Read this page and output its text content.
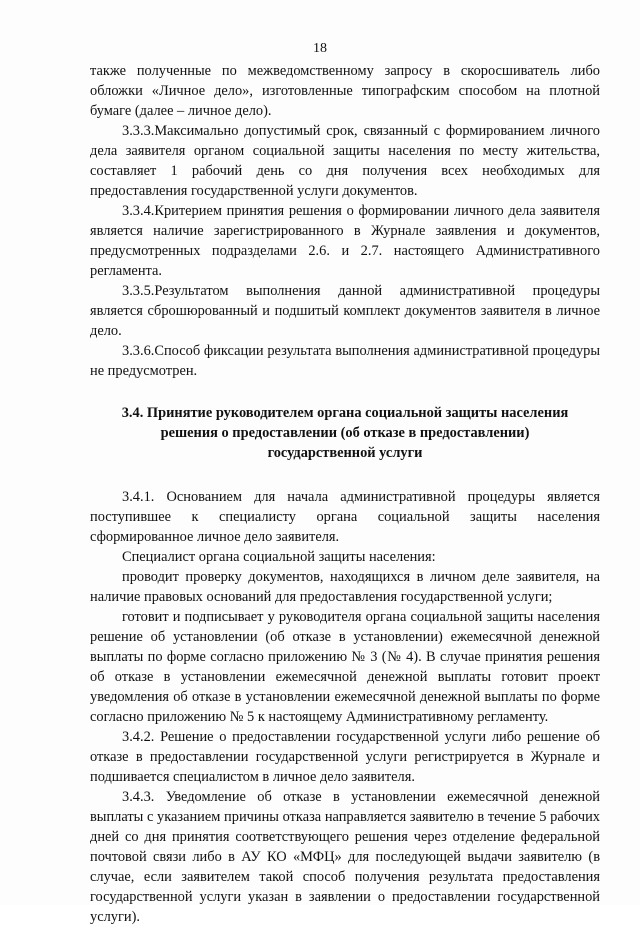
18

также полученные по межведомственному запросу в скоросшиватель либо обложки «Личное дело», изготовленные типографским способом на плотной бумаге (далее – личное дело).

3.3.3.Максимально допустимый срок, связанный с формированием личного дела заявителя органом социальной защиты населения по месту жительства, составляет 1 рабочий день со дня получения всех необходимых для предоставления государственной услуги документов.

3.3.4.Критерием принятия решения о формировании личного дела заявителя является наличие зарегистрированного в Журнале заявления и документов, предусмотренных подразделами 2.6. и 2.7. настоящего Административного регламента.

3.3.5.Результатом выполнения данной административной процедуры является сброшюрованный и подшитый комплект документов заявителя в личное дело.

3.3.6.Способ фиксации результата выполнения административной процедуры не предусмотрен.

3.4. Принятие руководителем органа социальной защиты населения
решения о предоставлении (об отказе в предоставлении)
государственной услуги

3.4.1. Основанием для начала административной процедуры является поступившее к специалисту органа социальной защиты населения сформированное личное дело заявителя.

Специалист органа социальной защиты населения:

проводит проверку документов, находящихся в личном деле заявителя, на наличие правовых оснований для предоставления государственной услуги;

готовит и подписывает у руководителя органа социальной защиты населения решение об установлении (об отказе в установлении) ежемесячной денежной выплаты по форме согласно приложению № 3 (№ 4). В случае принятия решения об отказе в установлении ежемесячной денежной выплаты готовит проект уведомления об отказе в установлении ежемесячной денежной выплаты по форме согласно приложению № 5 к настоящему Административному регламенту.

3.4.2. Решение о предоставлении государственной услуги либо решение об отказе в предоставлении государственной услуги регистрируется в Журнале и подшивается специалистом в личное дело заявителя.

3.4.3. Уведомление об отказе в установлении ежемесячной денежной выплаты с указанием причины отказа направляется заявителю в течение 5 рабочих дней со дня принятия соответствующего решения через отделение федеральной почтовой связи либо в АУ КО «МФЦ» для последующей выдачи заявителю (в случае, если заявителем такой способ получения результата предоставления государственной услуги указан в заявлении о предоставлении государственной услуги).
